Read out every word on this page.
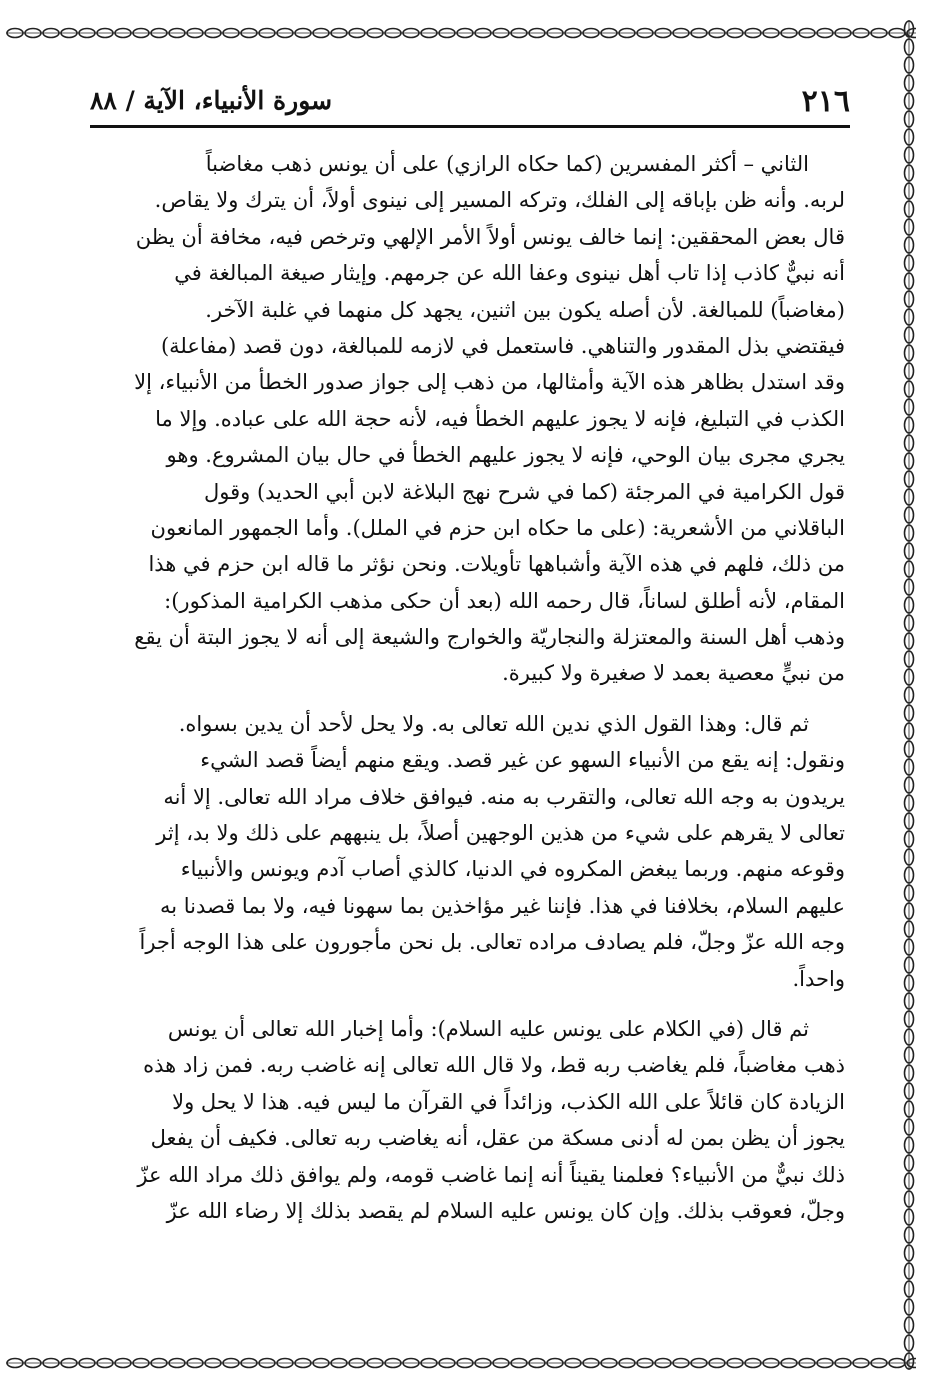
٢١٦
سورة الأنبياء، الآية / ٨٨

الثاني – أكثر المفسرين (كما حكاه الرازي) على أن يونس ذهب مغاضباً
لربه. وأنه ظن بإباقه إلى الفلك، وتركه المسير إلى نينوى أولاً، أن يترك ولا يقاص.
قال بعض المحققين: إنما خالف يونس أولاً الأمر الإلهي وترخص فيه، مخافة أن يظن
أنه نبيٌّ كاذب إذا تاب أهل نينوى وعفا الله عن جرمهم. وإيثار صيغة المبالغة في
(مغاضباً) للمبالغة. لأن أصله يكون بين اثنين، يجهد كل منهما في غلبة الآخر.
فيقتضي بذل المقدور والتناهي. فاستعمل في لازمه للمبالغة، دون قصد (مفاعلة)
وقد استدل بظاهر هذه الآية وأمثالها، من ذهب إلى جواز صدور الخطأ من الأنبياء، إلا
الكذب في التبليغ، فإنه لا يجوز عليهم الخطأ فيه، لأنه حجة الله على عباده. وإلا ما
يجري مجرى بيان الوحي، فإنه لا يجوز عليهم الخطأ في حال بيان المشروع. وهو
قول الكرامية في المرجئة (كما في شرح نهج البلاغة لابن أبي الحديد) وقول
الباقلاني من الأشعرية: (على ما حكاه ابن حزم في الملل). وأما الجمهور المانعون
من ذلك، فلهم في هذه الآية وأشباهها تأويلات. ونحن نؤثر ما قاله ابن حزم في هذا
المقام، لأنه أطلق لساناً، قال رحمه الله (بعد أن حكى مذهب الكرامية المذكور):
وذهب أهل السنة والمعتزلة والنجاريّة والخوارج والشيعة إلى أنه لا يجوز البتة أن يقع
من نبيٍّ معصية بعمد لا صغيرة ولا كبيرة.

ثم قال: وهذا القول الذي ندين الله تعالى به. ولا يحل لأحد أن يدين بسواه.
ونقول: إنه يقع من الأنبياء السهو عن غير قصد. ويقع منهم أيضاً قصد الشيء
يريدون به وجه الله تعالى، والتقرب به منه. فيوافق خلاف مراد الله تعالى. إلا أنه
تعالى لا يقرهم على شيء من هذين الوجهين أصلاً، بل ينبههم على ذلك ولا بد، إثر
وقوعه منهم. وربما يبغض المكروه في الدنيا، كالذي أصاب آدم ويونس والأنبياء
عليهم السلام، بخلافنا في هذا. فإننا غير مؤاخذين بما سهونا فيه، ولا بما قصدنا به
وجه الله عزّ وجلّ، فلم يصادف مراده تعالى. بل نحن مأجورون على هذا الوجه أجراً
واحداً.

ثم قال (في الكلام على يونس عليه السلام): وأما إخبار الله تعالى أن يونس
ذهب مغاضباً، فلم يغاضب ربه قط، ولا قال الله تعالى إنه غاضب ربه. فمن زاد هذه
الزيادة كان قائلاً على الله الكذب، وزائداً في القرآن ما ليس فيه. هذا لا يحل ولا
يجوز أن يظن بمن له أدنى مسكة من عقل، أنه يغاضب ربه تعالى. فكيف أن يفعل
ذلك نبيٌّ من الأنبياء؟ فعلمنا يقيناً أنه إنما غاضب قومه، ولم يوافق ذلك مراد الله عزّ
وجلّ، فعوقب بذلك. وإن كان يونس عليه السلام لم يقصد بذلك إلا رضاء الله عزّ
